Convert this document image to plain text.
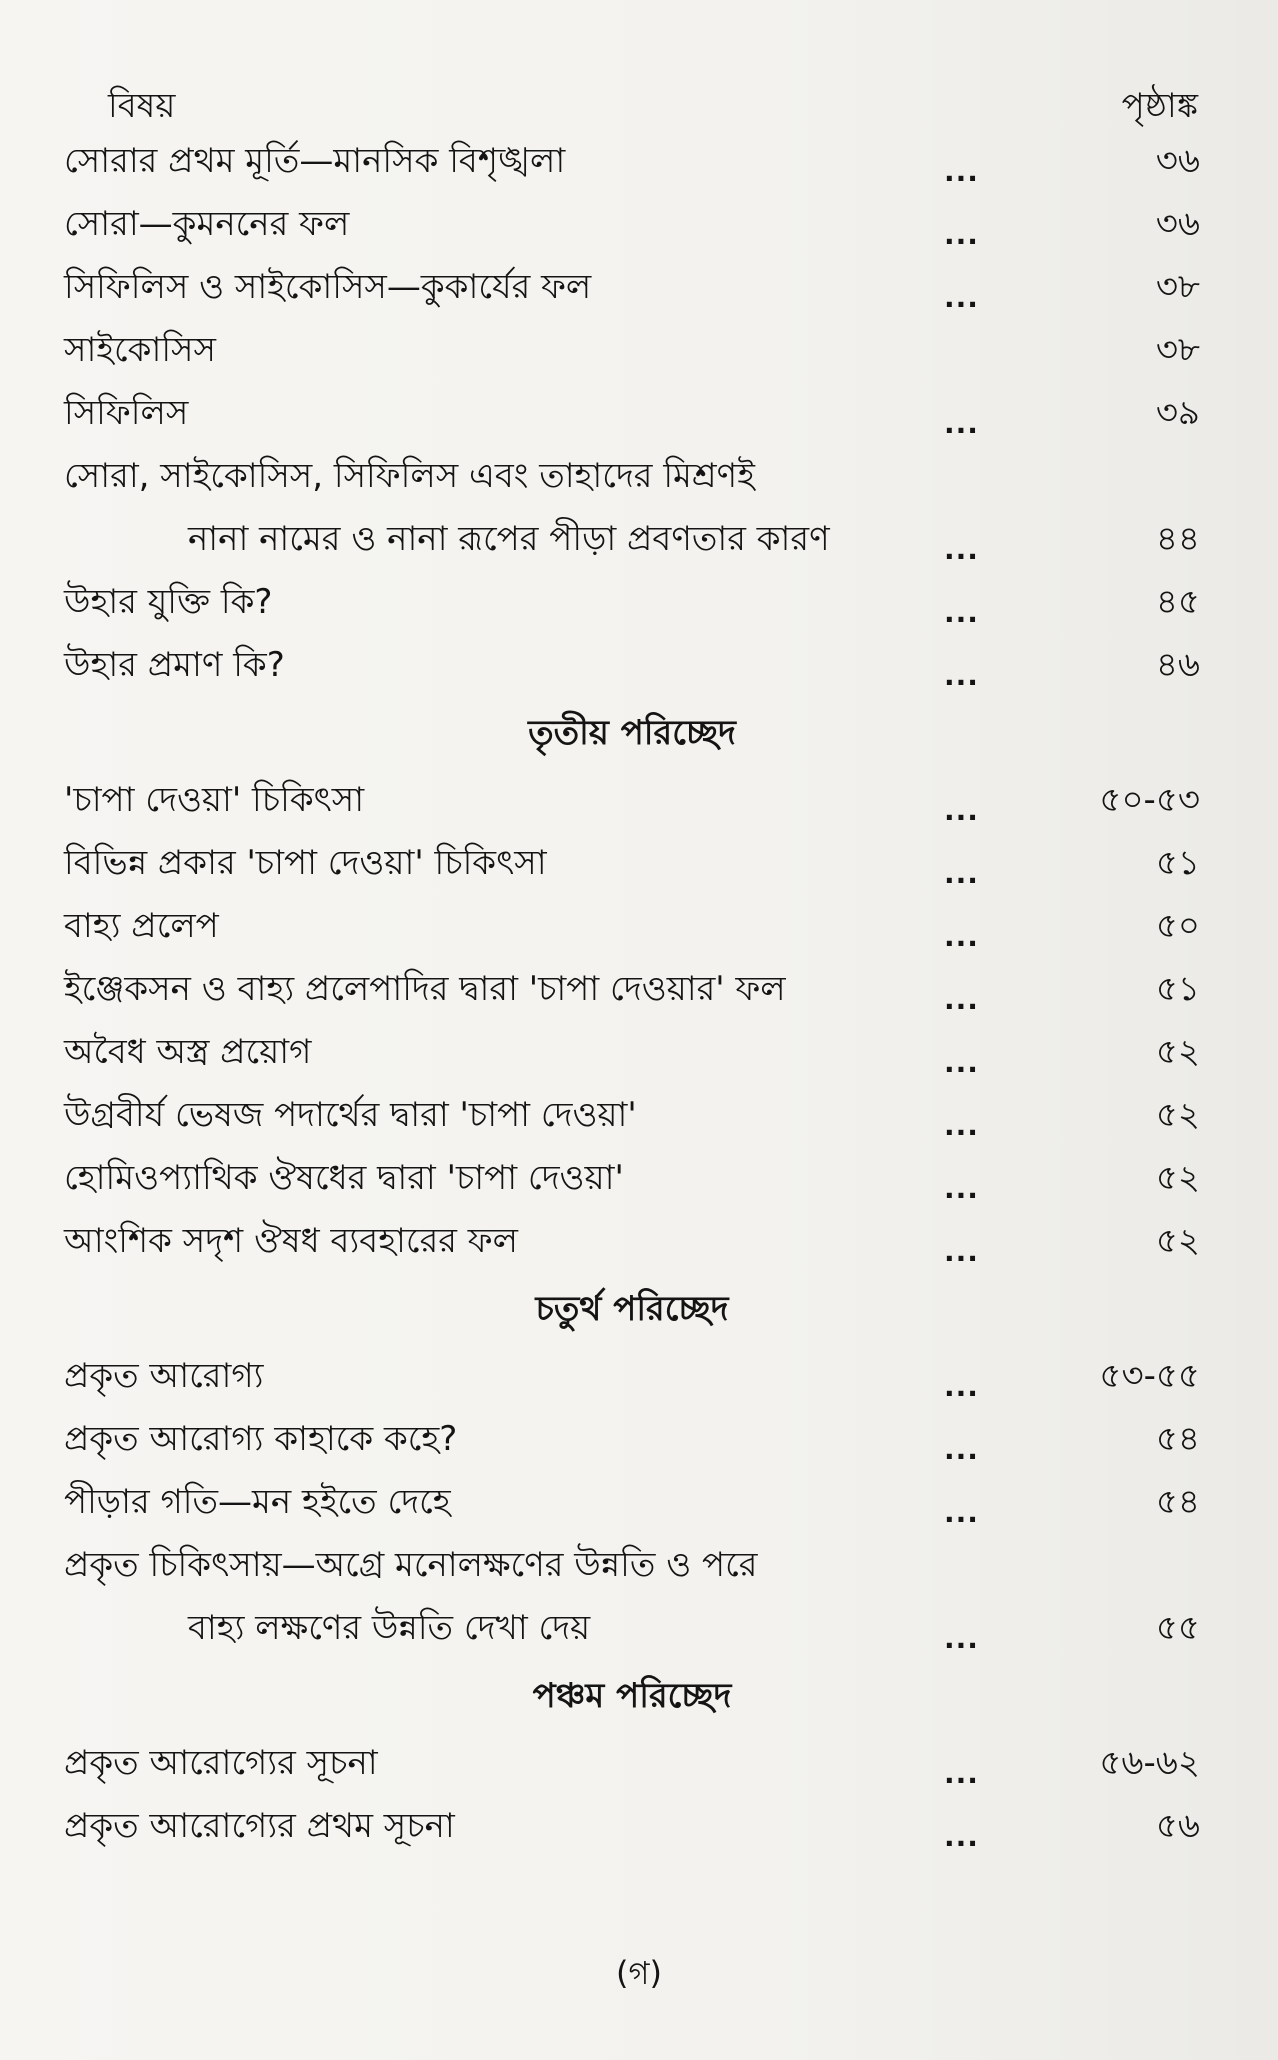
বিষয়	পৃষ্ঠাঙ্ক
সোরার প্রথম মূর্তি—মানসিক বিশৃঙ্খলা	...	৩৬
সোরা—কুমননের ফল	...	৩৬
সিফিলিস ও সাইকোসিস—কুকার্যের ফল	...	৩৮
সাইকোসিস	৩৮
সিফিলিস	...	৩৯
সোরা, সাইকোসিস, সিফিলিস এবং তাহাদের মিশ্রণই
নানা নামের ও নানা রূপের পীড়া প্রবণতার কারণ	...	৪৪
উহার যুক্তি কি?	...	৪৫
উহার প্রমাণ কি?	...	৪৬
তৃতীয় পরিচ্ছেদ
'চাপা দেওয়া' চিকিৎসা	...	৫০-৫৩
বিভিন্ন প্রকার 'চাপা দেওয়া' চিকিৎসা	...	৫১
বাহ্য প্রলেপ	...	৫০
ইঞ্জেকসন ও বাহ্য প্রলেপাদির দ্বারা 'চাপা দেওয়ার' ফল	...	৫১
অবৈধ অস্ত্র প্রয়োগ	...	৫২
উগ্রবীর্য ভেষজ পদার্থের দ্বারা 'চাপা দেওয়া'	...	৫২
হোমিওপ্যাথিক ঔষধের দ্বারা 'চাপা দেওয়া'	...	৫২
আংশিক সদৃশ ঔষধ ব্যবহারের ফল	...	৫২
চতুর্থ পরিচ্ছেদ
প্রকৃত আরোগ্য	...	৫৩-৫৫
প্রকৃত আরোগ্য কাহাকে কহে?	...	৫৪
পীড়ার গতি—মন হইতে দেহে	...	৫৪
প্রকৃত চিকিৎসায়—অগ্রে মনোলক্ষণের উন্নতি ও পরে
বাহ্য লক্ষণের উন্নতি দেখা দেয়	...	৫৫
পঞ্চম পরিচ্ছেদ
প্রকৃত আরোগ্যের সূচনা	...	৫৬-৬২
প্রকৃত আরোগ্যের প্রথম সূচনা	...	৫৬
(গ)
